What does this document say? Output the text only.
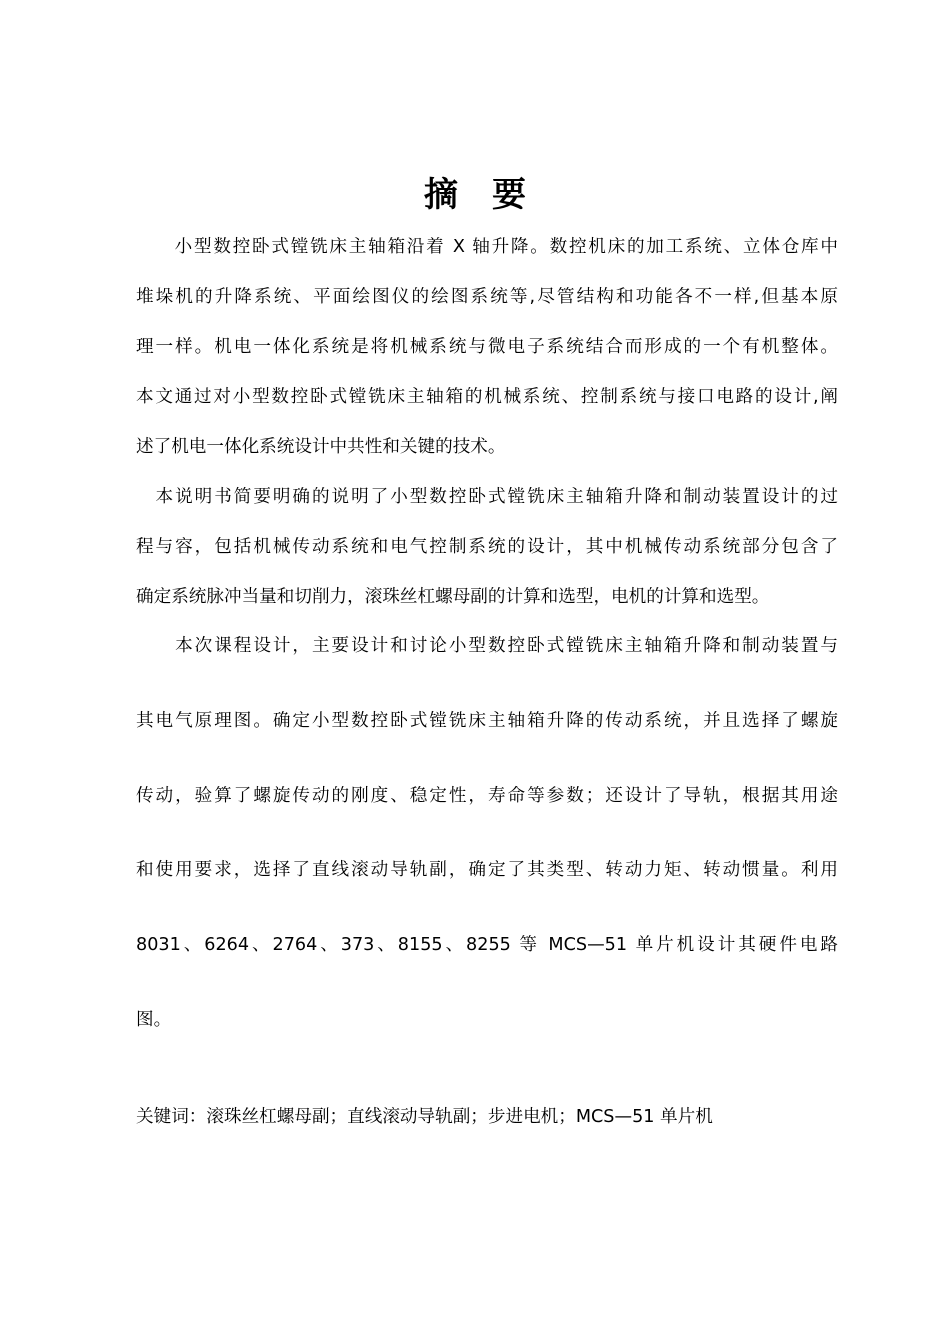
摘　要

　　小型数控卧式镗铣床主轴箱沿着 X 轴升降。数控机床的加工系统、立体仓库中

堆垛机的升降系统、平面绘图仪的绘图系统等,尽管结构和功能各不一样,但基本原

理一样。机电一体化系统是将机械系统与微电子系统结合而形成的一个有机整体。

本文通过对小型数控卧式镗铣床主轴箱的机械系统、控制系统与接口电路的设计,阐

述了机电一体化系统设计中共性和关键的技术。

　本说明书简要明确的说明了小型数控卧式镗铣床主轴箱升降和制动装置设计的过

程与容，包括机械传动系统和电气控制系统的设计，其中机械传动系统部分包含了

确定系统脉冲当量和切削力，滚珠丝杠螺母副的计算和选型，电机的计算和选型。

　　本次课程设计，主要设计和讨论小型数控卧式镗铣床主轴箱升降和制动装置与

其电气原理图。确定小型数控卧式镗铣床主轴箱升降的传动系统，并且选择了螺旋

传动，验算了螺旋传动的刚度、稳定性，寿命等参数；还设计了导轨，根据其用途

和使用要求，选择了直线滚动导轨副，确定了其类型、转动力矩、转动惯量。利用

8031、6264、2764、373、8155、8255 等 MCS—51 单片机设计其硬件电路

图。

关键词：滚珠丝杠螺母副；直线滚动导轨副；步进电机；MCS—51 单片机
